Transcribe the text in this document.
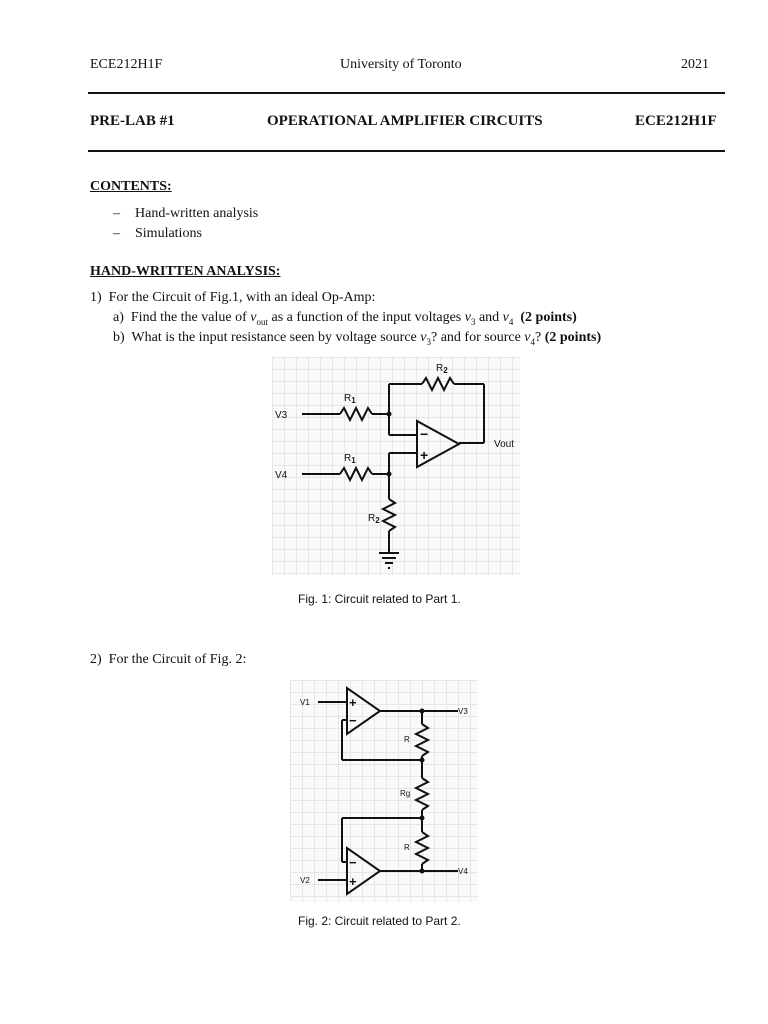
ECE212H1F	University of Toronto	2021
PRE-LAB #1	OPERATIONAL AMPLIFIER CIRCUITS	ECE212H1F
CONTENTS:
– Hand-written analysis
– Simulations
HAND-WRITTEN ANALYSIS:
1) For the Circuit of Fig.1, with an ideal Op-Amp:
a) Find the the value of $v_{out}$ as a function of the input voltages $v_3$ and $v_4$ (2 points)
b) What is the input resistance seen by voltage source $v_3$? and for source $v_4$? (2 points)
V3
V4
Vout
$R_1$
$R_1$
$R_2$
$R_2$
−
+
Fig. 1: Circuit related to Part 1.
2) For the Circuit of Fig. 2:
V1
V2
V3
V4
R
Rg
R
+
−
−
+
Fig. 2: Circuit related to Part 2.
